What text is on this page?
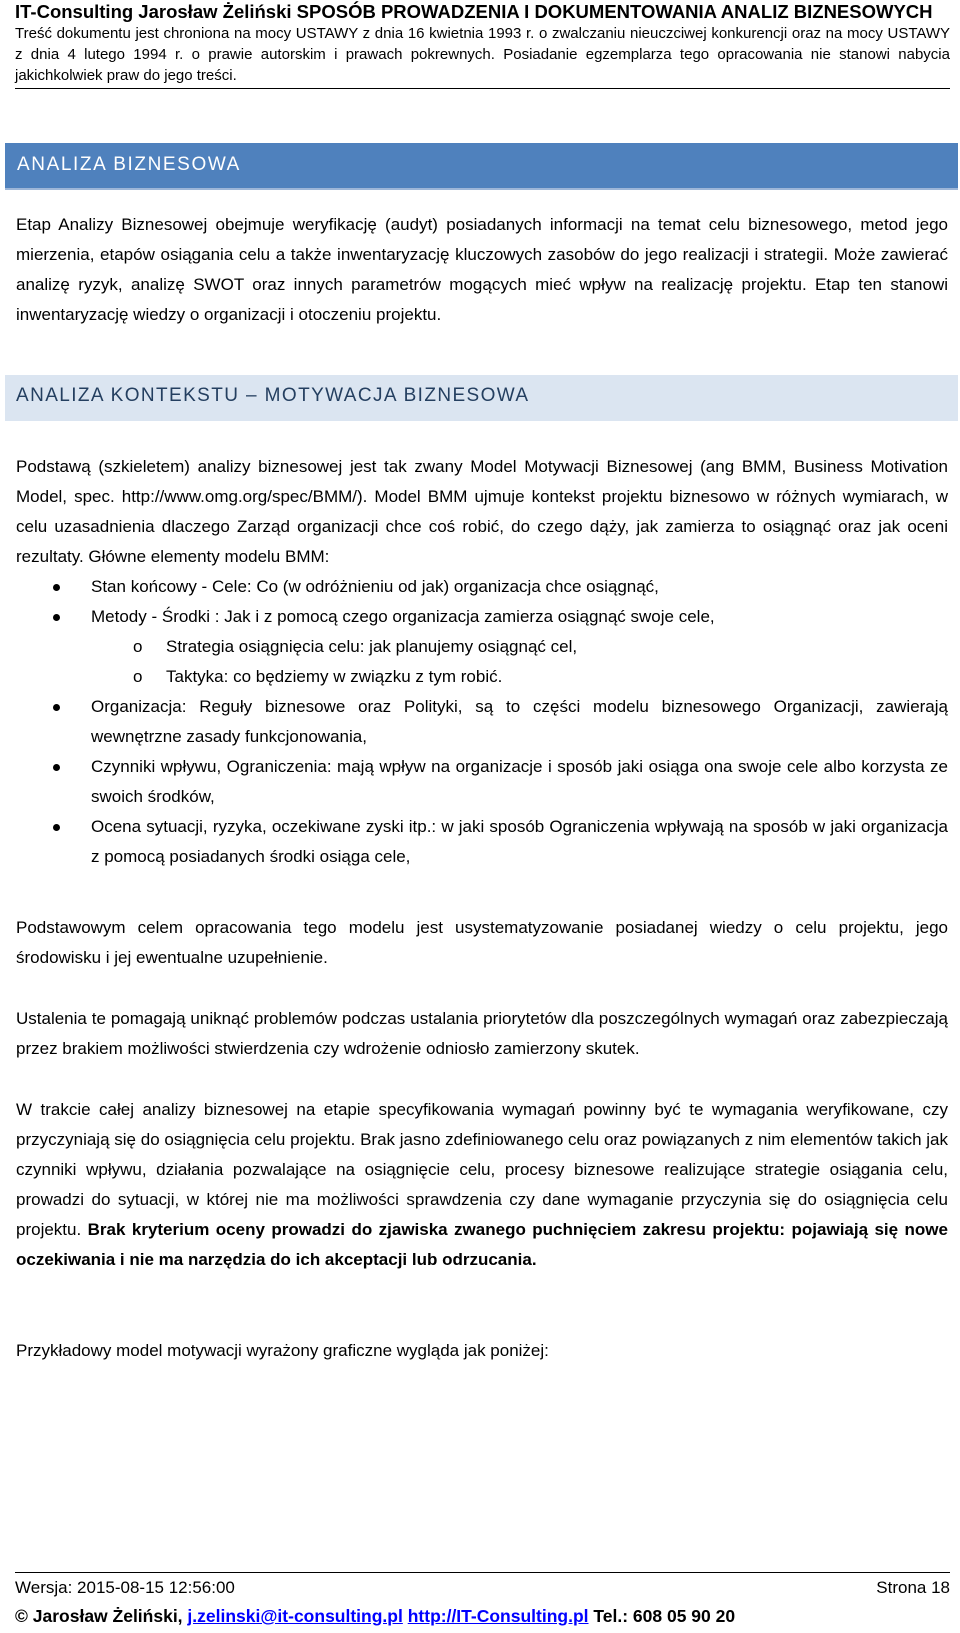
IT-Consulting Jarosław Żeliński SPOSÓB PROWADZENIA I DOKUMENTOWANIA ANALIZ BIZNESOWYCH
Treść dokumentu jest chroniona na mocy USTAWY z dnia 16 kwietnia 1993 r. o zwalczaniu nieuczciwej konkurencji oraz na mocy USTAWY z dnia 4 lutego 1994 r. o prawie autorskim i prawach pokrewnych. Posiadanie egzemplarza tego opracowania nie stanowi nabycia jakichkolwiek praw do jego treści.
ANALIZA BIZNESOWA

Etap Analizy Biznesowej obejmuje weryfikację (audyt) posiadanych informacji na temat celu biznesowego, metod jego mierzenia, etapów osiągania celu a także inwentaryzację kluczowych zasobów do jego realizacji i strategii. Może zawierać analizę ryzyk, analizę SWOT oraz innych parametrów mogących mieć wpływ na realizację projektu. Etap ten stanowi inwentaryzację wiedzy o organizacji i otoczeniu projektu.

ANALIZA KONTEKSTU – MOTYWACJA BIZNESOWA

Podstawą (szkieletem) analizy biznesowej jest tak zwany Model Motywacji Biznesowej (ang BMM, Business Motivation Model, spec. http://www.omg.org/spec/BMM/). Model BMM ujmuje kontekst projektu biznesowo w różnych wymiarach, w celu uzasadnienia dlaczego Zarząd organizacji chce coś robić, do czego dąży, jak zamierza to osiągnąć oraz jak oceni rezultaty. Główne elementy modelu BMM:

Stan końcowy - Cele: Co (w odróżnieniu od jak) organizacja chce osiągnąć,
Metody - Środki : Jak i z pomocą czego organizacja zamierza osiągnąć swoje cele,
o Strategia osiągnięcia celu: jak planujemy osiągnąć cel,
o Taktyka: co będziemy w związku z tym robić.
Organizacja: Reguły biznesowe oraz Polityki, są to części modelu biznesowego Organizacji, zawierają wewnętrzne zasady funkcjonowania,
Czynniki wpływu, Ograniczenia: mają wpływ na organizacje i sposób jaki osiąga ona swoje cele albo korzysta ze swoich środków,
Ocena sytuacji, ryzyka, oczekiwane zyski itp.: w jaki sposób Ograniczenia wpływają na sposób w jaki organizacja z pomocą posiadanych środki osiąga cele,

Podstawowym celem opracowania tego modelu jest usystematyzowanie posiadanej wiedzy o celu projektu, jego środowisku i jej ewentualne uzupełnienie.

Ustalenia te pomagają uniknąć problemów podczas ustalania priorytetów dla poszczególnych wymagań oraz zabezpieczają przez brakiem możliwości stwierdzenia czy wdrożenie odniosło zamierzony skutek.

W trakcie całej analizy biznesowej na etapie specyfikowania wymagań powinny być te wymagania weryfikowane, czy przyczyniają się do osiągnięcia celu projektu. Brak jasno zdefiniowanego celu oraz powiązanych z nim elementów takich jak czynniki wpływu, działania pozwalające na osiągnięcie celu, procesy biznesowe realizujące strategie osiągania celu, prowadzi do sytuacji, w której nie ma możliwości sprawdzenia czy dane wymaganie przyczynia się do osiągnięcia celu projektu. Brak kryterium oceny prowadzi do zjawiska zwanego puchnięciem zakresu projektu: pojawiają się nowe oczekiwania i nie ma narzędzia do ich akceptacji lub odrzucania.

Przykładowy model motywacji wyrażony graficzne wygląda jak poniżej:

Wersja: 2015-08-15 12:56:00	Strona 18
© Jarosław Żeliński, j.zelinski@it-consulting.pl http://IT-Consulting.pl Tel.: 608 05 90 20
